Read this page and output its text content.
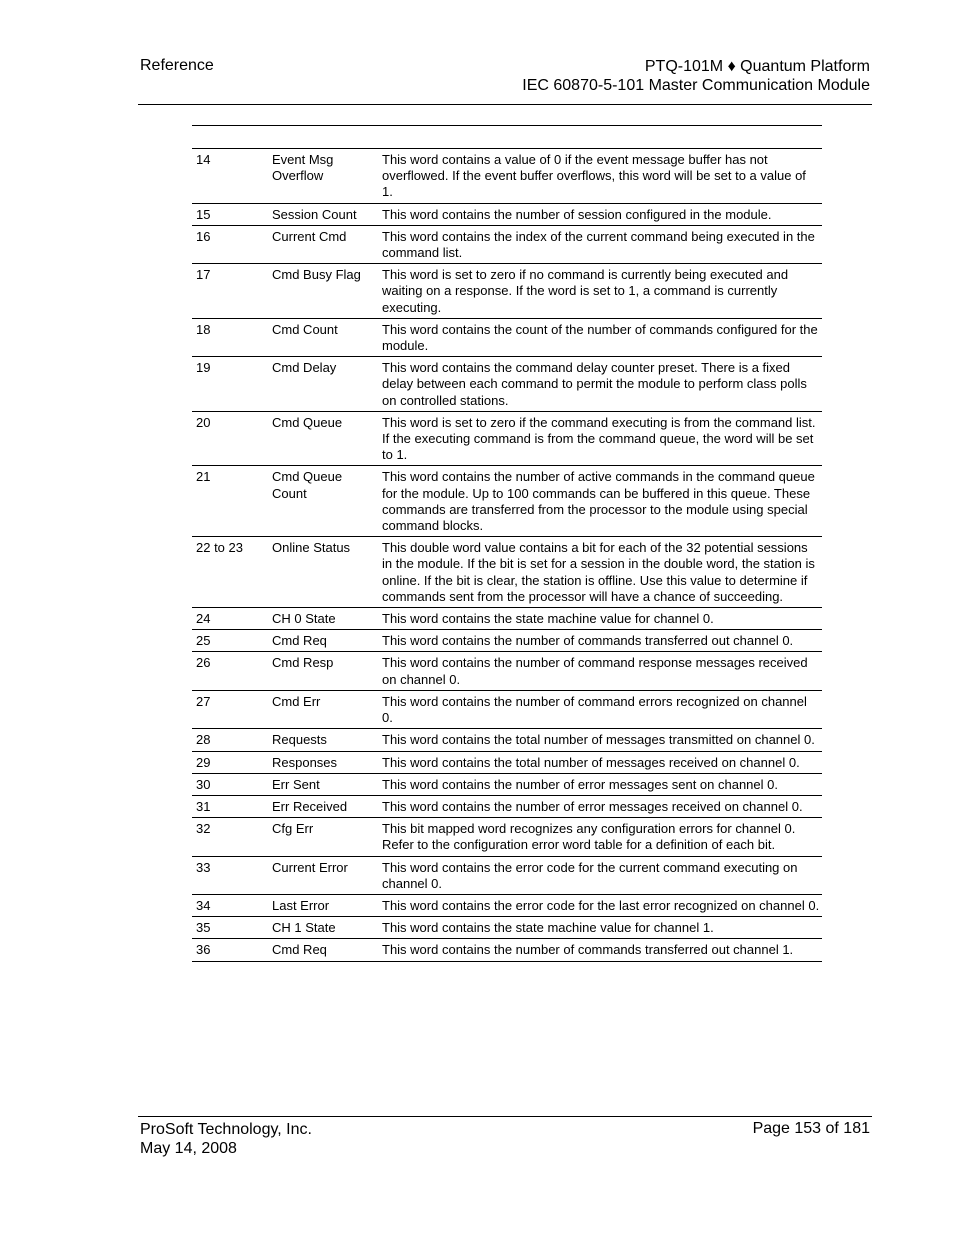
Reference	PTQ-101M ♦ Quantum Platform
IEC 60870-5-101 Master Communication Module
14	Event Msg Overflow	This word contains a value of 0 if the event message buffer has not overflowed. If the event buffer overflows, this word will be set to a value of 1.
15	Session Count	This word contains the number of session configured in the module.
16	Current Cmd	This word contains the index of the current command being executed in the command list.
17	Cmd Busy Flag	This word is set to zero if no command is currently being executed and waiting on a response. If the word is set to 1, a command is currently executing.
18	Cmd Count	This word contains the count of the number of commands configured for the module.
19	Cmd Delay	This word contains the command delay counter preset. There is a fixed delay between each command to permit the module to perform class polls on controlled stations.
20	Cmd Queue	This word is set to zero if the command executing is from the command list. If the executing command is from the command queue, the word will be set to 1.
21	Cmd Queue Count	This word contains the number of active commands in the command queue for the module. Up to 100 commands can be buffered in this queue. These commands are transferred from the processor to the module using special command blocks.
22 to 23	Online Status	This double word value contains a bit for each of the 32 potential sessions in the module. If the bit is set for a session in the double word, the station is online. If the bit is clear, the station is offline. Use this value to determine if commands sent from the processor will have a chance of succeeding.
24	CH 0 State	This word contains the state machine value for channel 0.
25	Cmd Req	This word contains the number of commands transferred out channel 0.
26	Cmd Resp	This word contains the number of command response messages received on channel 0.
27	Cmd Err	This word contains the number of command errors recognized on channel 0.
28	Requests	This word contains the total number of messages transmitted on channel 0.
29	Responses	This word contains the total number of messages received on channel 0.
30	Err Sent	This word contains the number of error messages sent on channel 0.
31	Err Received	This word contains the number of error messages received on channel 0.
32	Cfg Err	This bit mapped word recognizes any configuration errors for channel 0. Refer to the configuration error word table for a definition of each bit.
33	Current Error	This word contains the error code for the current command executing on channel 0.
34	Last Error	This word contains the error code for the last error recognized on channel 0.
35	CH 1 State	This word contains the state machine value for channel 1.
36	Cmd Req	This word contains the number of commands transferred out channel 1.
ProSoft Technology, Inc.
May 14, 2008
Page 153 of 181
